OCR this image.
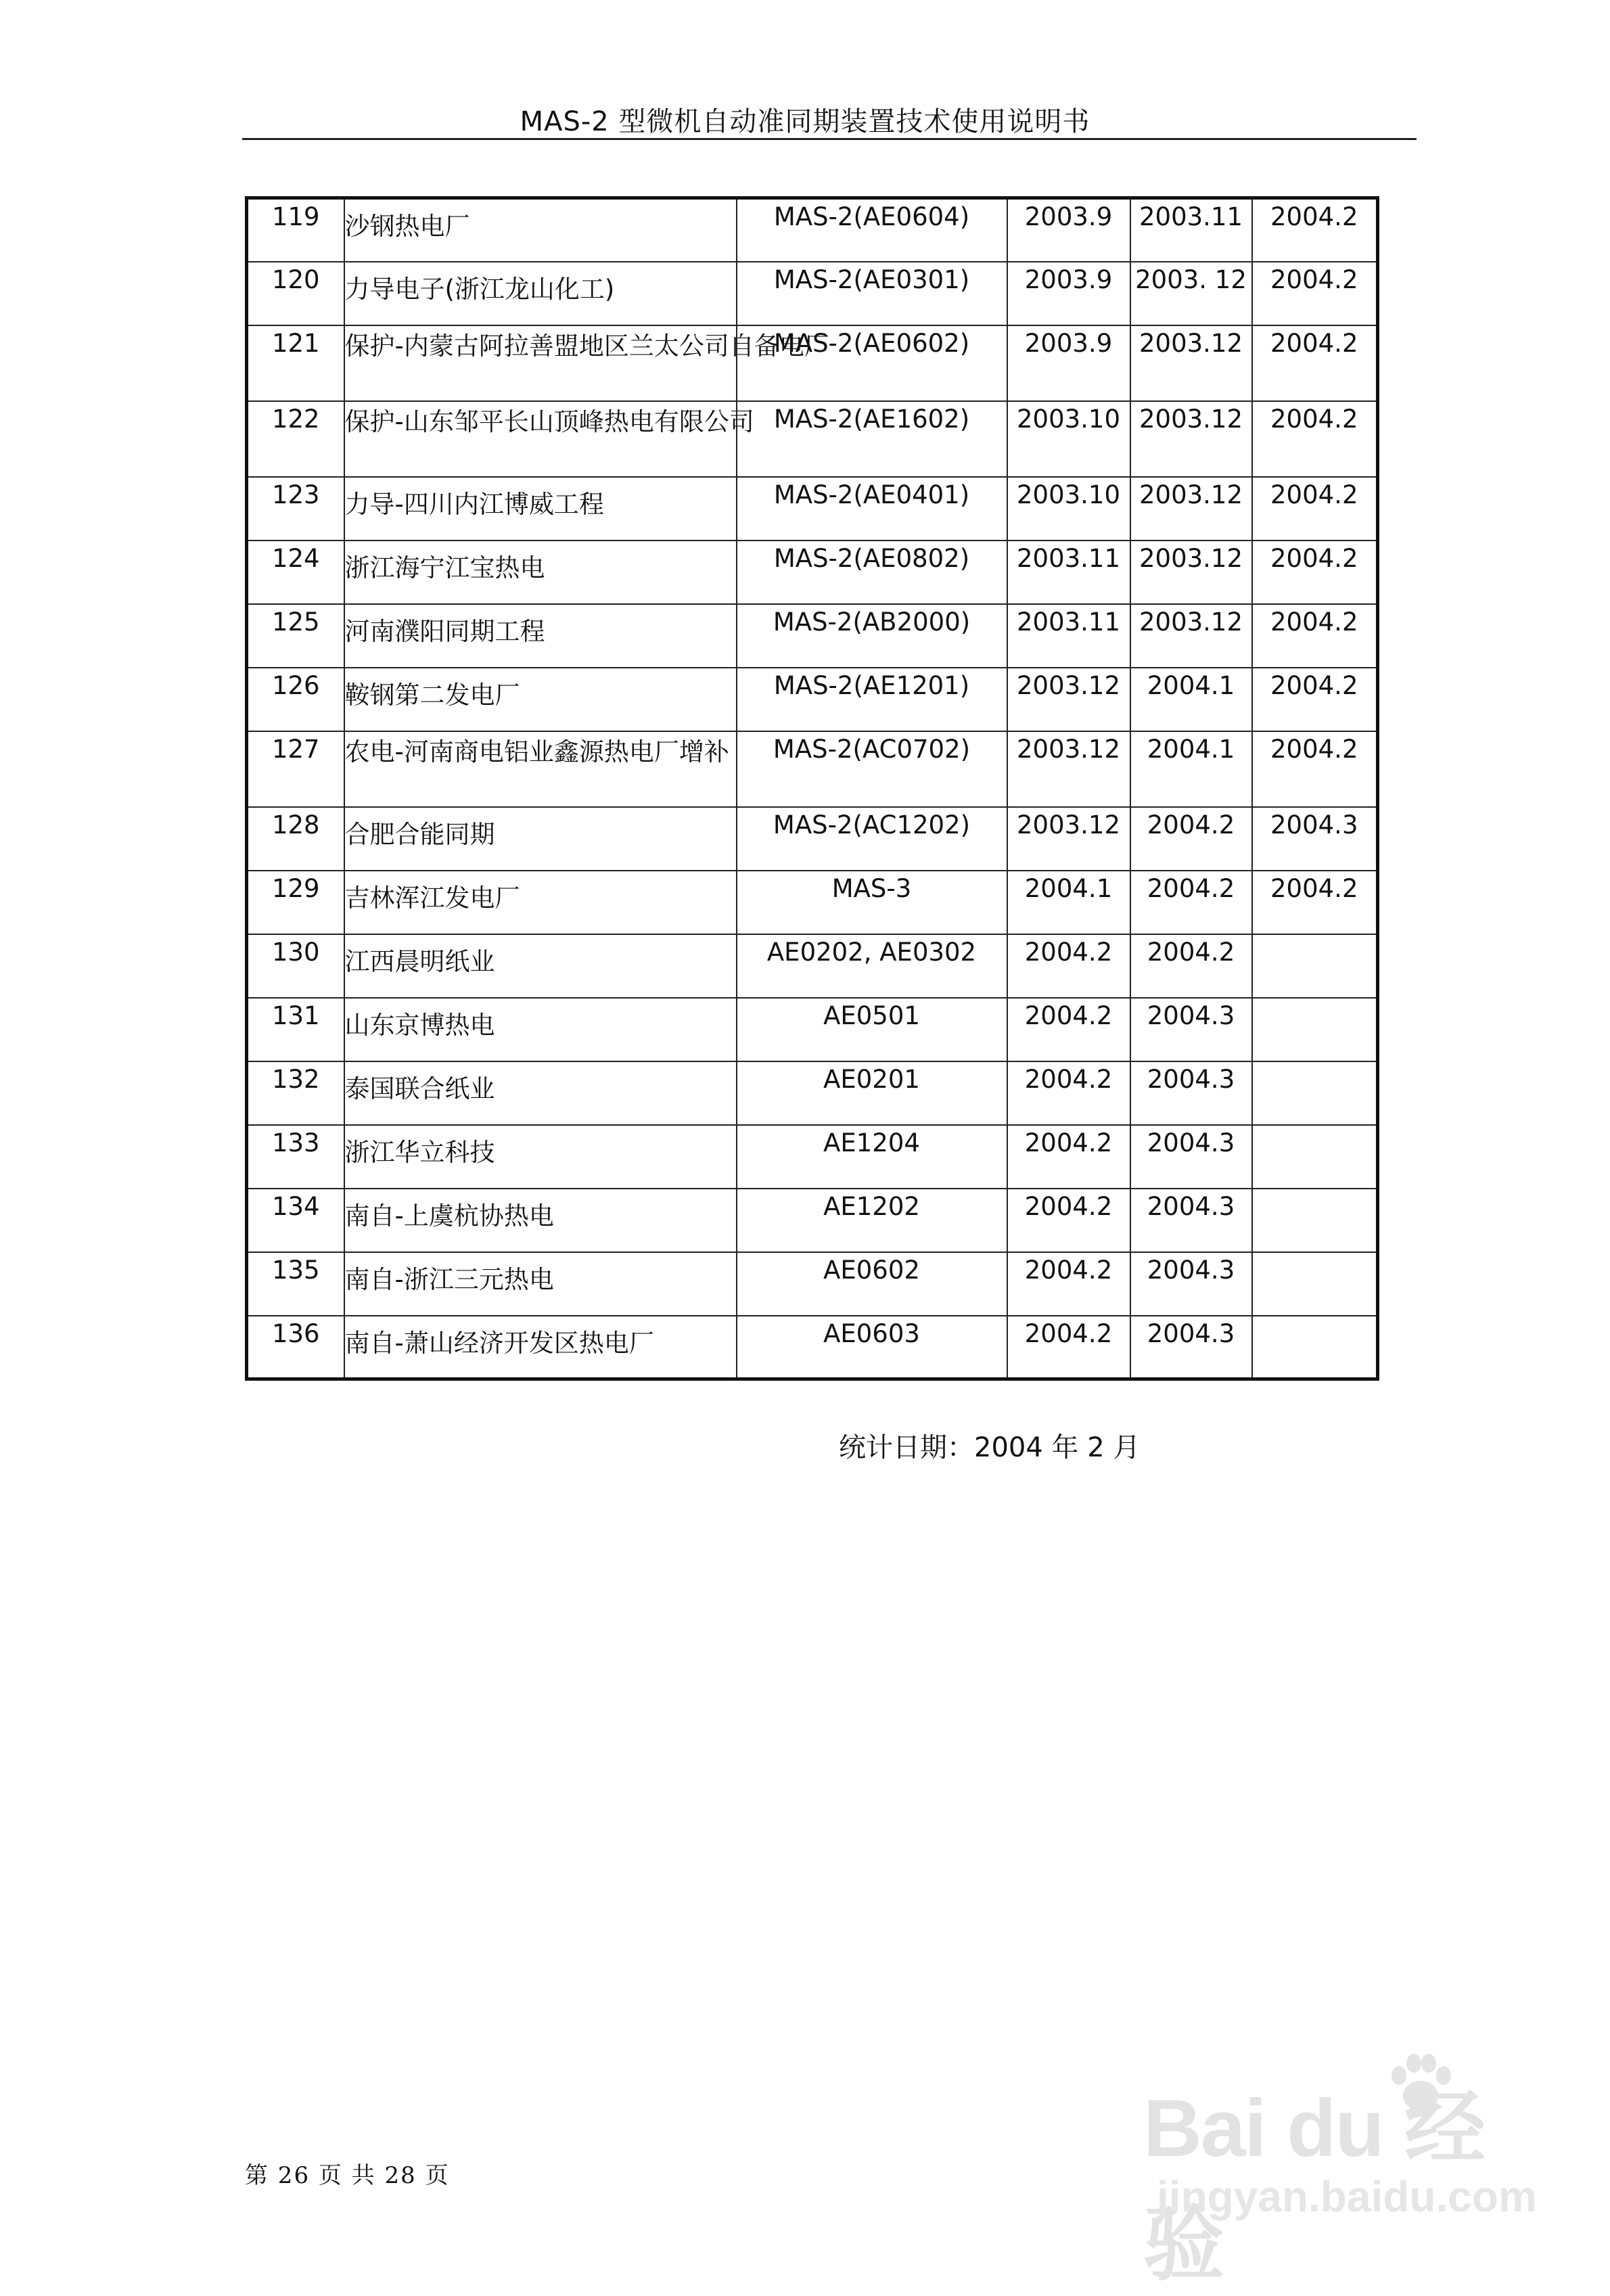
MAS-2 型微机自动准同期装置技术使用说明书
119	沙钢热电厂	MAS-2(AE0604)	2003.9	2003.11	2004.2
120	力导电子(浙江龙山化工)	MAS-2(AE0301)	2003.9	2003. 12	2004.2
121	保护-内蒙古阿拉善盟地区兰太公司自备电厂	MAS-2(AE0602)	2003.9	2003.12	2004.2
122	保护-山东邹平长山顶峰热电有限公司	MAS-2(AE1602)	2003.10	2003.12	2004.2
123	力导-四川内江博威工程	MAS-2(AE0401)	2003.10	2003.12	2004.2
124	浙江海宁江宝热电	MAS-2(AE0802)	2003.11	2003.12	2004.2
125	河南濮阳同期工程	MAS-2(AB2000)	2003.11	2003.12	2004.2
126	鞍钢第二发电厂	MAS-2(AE1201)	2003.12	2004.1	2004.2
127	农电-河南商电铝业鑫源热电厂增补	MAS-2(AC0702)	2003.12	2004.1	2004.2
128	合肥合能同期	MAS-2(AC1202)	2003.12	2004.2	2004.3
129	吉林浑江发电厂	MAS-3	2004.1	2004.2	2004.2
130	江西晨明纸业	AE0202, AE0302	2004.2	2004.2	
131	山东京博热电	AE0501	2004.2	2004.3	
132	泰国联合纸业	AE0201	2004.2	2004.3	
133	浙江华立科技	AE1204	2004.2	2004.3	
134	南自-上虞杭协热电	AE1202	2004.2	2004.3	
135	南自-浙江三元热电	AE0602	2004.2	2004.3	
136	南自-萧山经济开发区热电厂	AE0603	2004.2	2004.3	
统计日期：2004 年 2 月
第 26 页 共 28 页
Bai du 经验
jingyan.baidu.com
